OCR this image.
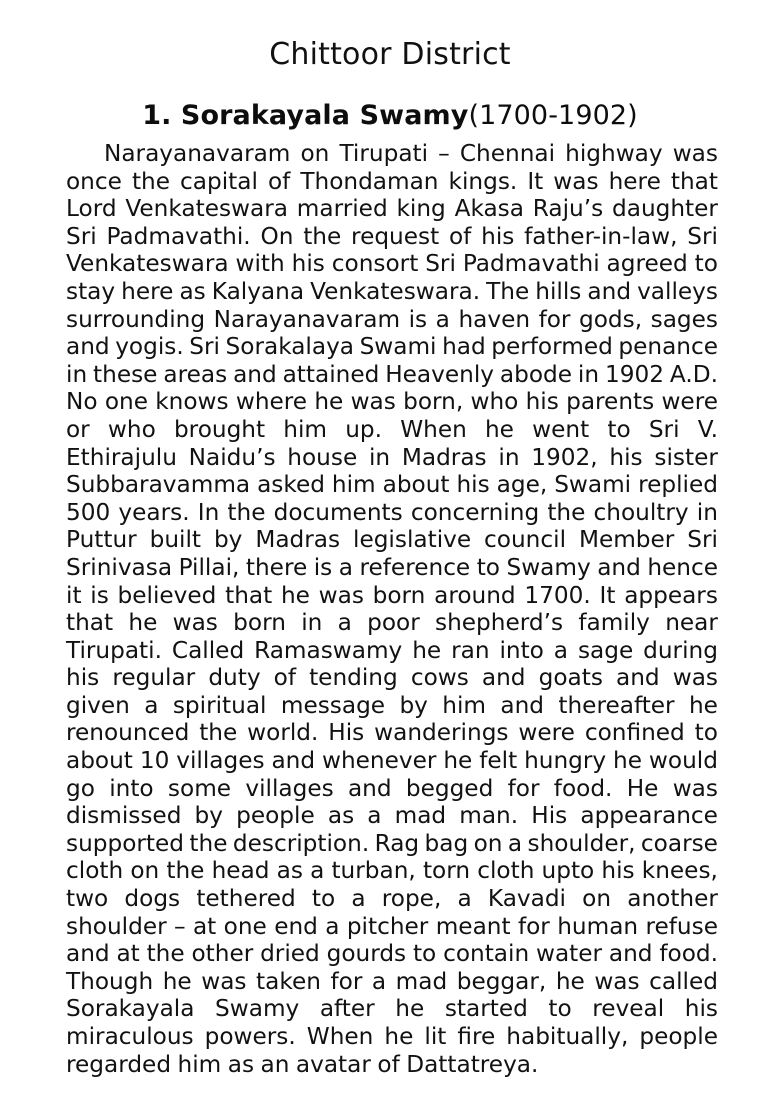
Chittoor District
1. Sorakayala Swamy(1700-1902)
Narayanavaram on Tirupati – Chennai highway was
once the capital of Thondaman kings. It was here that
Lord Venkateswara married king Akasa Raju’s daughter
Sri Padmavathi. On the request of his father-in-law, Sri
Venkateswara with his consort Sri Padmavathi agreed to
stay here as Kalyana Venkateswara. The hills and valleys
surrounding Narayanavaram is a haven for gods, sages
and yogis. Sri Sorakalaya Swami had performed penance
in these areas and attained Heavenly abode in 1902 A.D.
No one knows where he was born, who his parents were
or who brought him up. When he went to Sri V.
Ethirajulu Naidu’s house in Madras in 1902, his sister
Subbaravamma asked him about his age, Swami replied
500 years. In the documents concerning the choultry in
Puttur built by Madras legislative council Member Sri
Srinivasa Pillai, there is a reference to Swamy and hence
it is believed that he was born around 1700. It appears
that he was born in a poor shepherd’s family near
Tirupati. Called Ramaswamy he ran into a sage during
his regular duty of tending cows and goats and was
given a spiritual message by him and thereafter he
renounced the world. His wanderings were confined to
about 10 villages and whenever he felt hungry he would
go into some villages and begged for food. He was
dismissed by people as a mad man. His appearance
supported the description. Rag bag on a shoulder, coarse
cloth on the head as a turban, torn cloth upto his knees,
two dogs tethered to a rope, a Kavadi on another
shoulder – at one end a pitcher meant for human refuse
and at the other dried gourds to contain water and food.
Though he was taken for a mad beggar, he was called
Sorakayala Swamy after he started to reveal his
miraculous powers. When he lit fire habitually, people
regarded him as an avatar of Dattatreya.
